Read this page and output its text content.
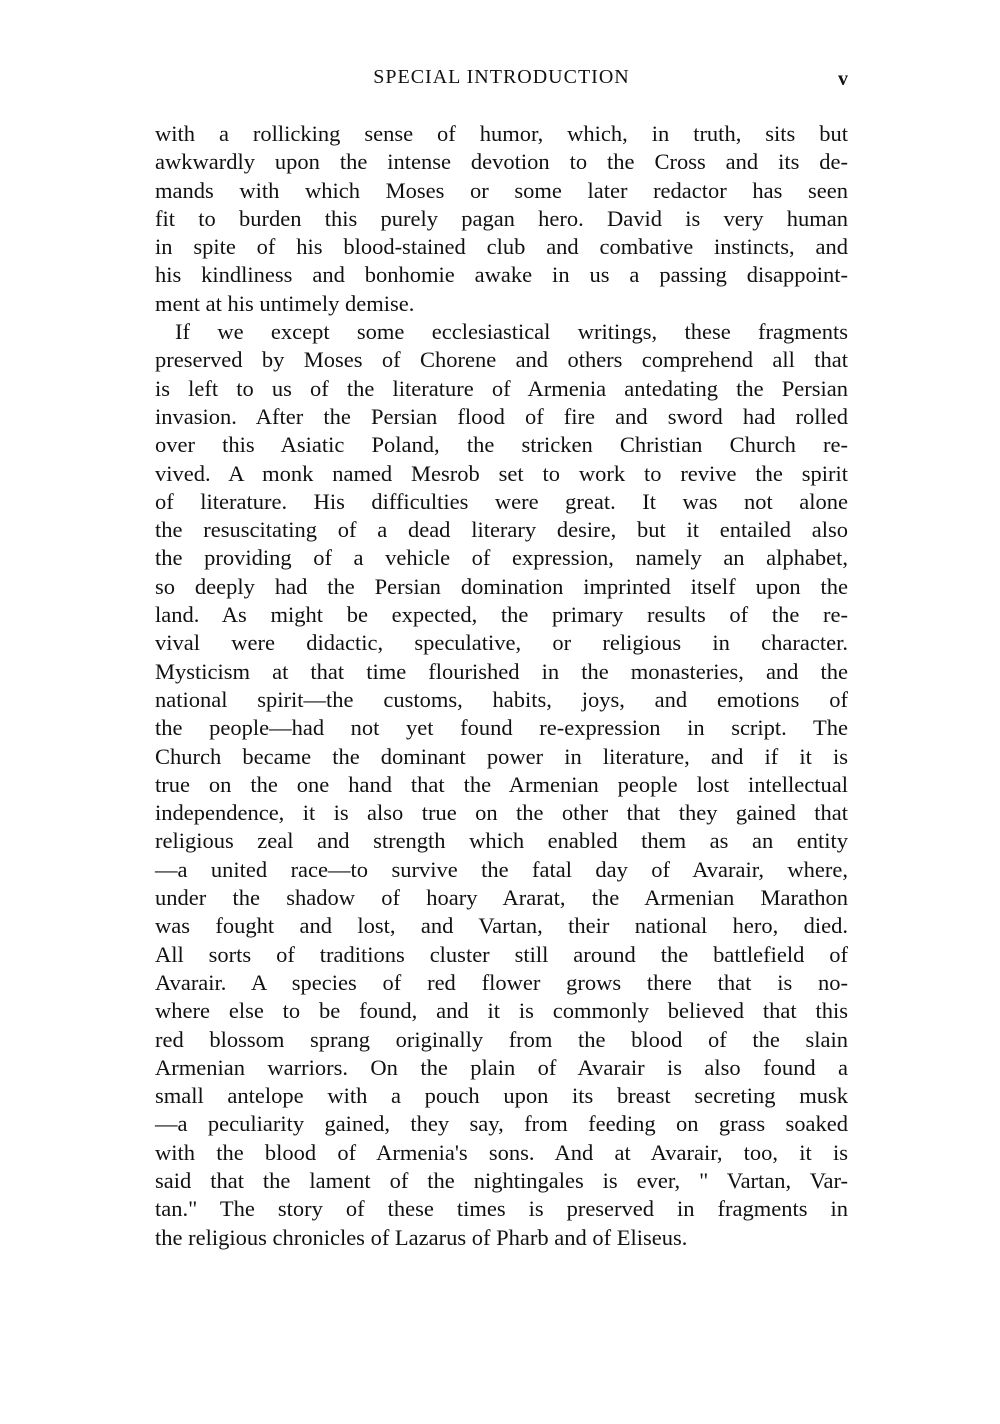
SPECIAL INTRODUCTION	v
with a rollicking sense of humor, which, in truth, sits but
awkwardly upon the intense devotion to the Cross and its de-
mands with which Moses or some later redactor has seen
fit to burden this purely pagan hero. David is very human
in spite of his blood-stained club and combative instincts, and
his kindliness and bonhomie awake in us a passing disappoint-
ment at his untimely demise.
If we except some ecclesiastical writings, these fragments
preserved by Moses of Chorene and others comprehend all that
is left to us of the literature of Armenia antedating the Persian
invasion. After the Persian flood of fire and sword had rolled
over this Asiatic Poland, the stricken Christian Church re-
vived. A monk named Mesrob set to work to revive the spirit
of literature. His difficulties were great. It was not alone
the resuscitating of a dead literary desire, but it entailed also
the providing of a vehicle of expression, namely an alphabet,
so deeply had the Persian domination imprinted itself upon the
land. As might be expected, the primary results of the re-
vival were didactic, speculative, or religious in character.
Mysticism at that time flourished in the monasteries, and the
national spirit—the customs, habits, joys, and emotions of
the people—had not yet found re-expression in script. The
Church became the dominant power in literature, and if it is
true on the one hand that the Armenian people lost intellectual
independence, it is also true on the other that they gained that
religious zeal and strength which enabled them as an entity
—a united race—to survive the fatal day of Avarair, where,
under the shadow of hoary Ararat, the Armenian Marathon
was fought and lost, and Vartan, their national hero, died.
All sorts of traditions cluster still around the battlefield of
Avarair. A species of red flower grows there that is no-
where else to be found, and it is commonly believed that this
red blossom sprang originally from the blood of the slain
Armenian warriors. On the plain of Avarair is also found a
small antelope with a pouch upon its breast secreting musk
—a peculiarity gained, they say, from feeding on grass soaked
with the blood of Armenia's sons. And at Avarair, too, it is
said that the lament of the nightingales is ever, " Vartan, Var-
tan." The story of these times is preserved in fragments in
the religious chronicles of Lazarus of Pharb and of Eliseus.
